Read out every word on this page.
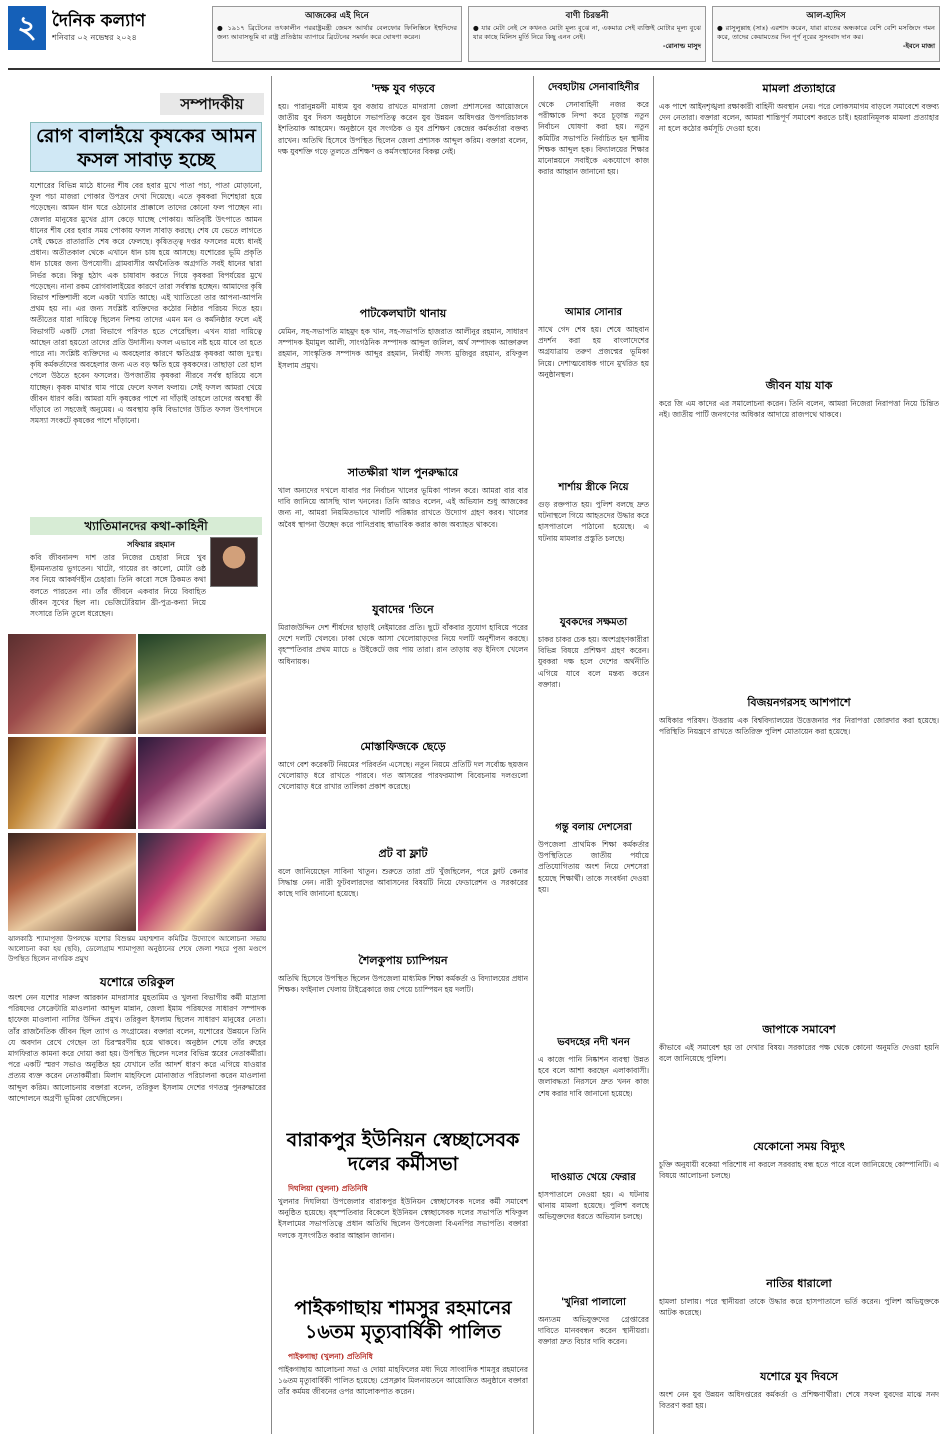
২ দৈনিক কল্যাণ
শনিবার ০২ নভেম্বর ২০২৪
আজকের এই দিনে
● ১৯১৭ ব্রিটেনের তৎকালীন পররাষ্ট্রমন্ত্রী জেমস আর্থার বেলফোর ফিলিস্তিনে ইহুদিদের জন্য আবাসভূমি বা রাষ্ট্র প্রতিষ্ঠায় ব্যাপারে ব্রিটেনের সমর্থন করে ঘোষণা করেন।
বাণী চিরন্তনী
● যার মেটা নেই সে কখনও মোটা মূল্য বুঝে না, একমাত্র সেই ব্যক্তিই মোটার মূল্য বুঝে যার কাছে মিলিস মুর্তি নিরে কিছু এনন নেই।
-রোনাল্ড মাসুদ
আল-হাদিস
● রাসুলুল্লাহ (সাঃ) এরশাদ করেন, যারা রাতের অন্ধকারে বেশি বেশি মসজিদে গমন করে, তাদের কেয়ামতের দিন পূর্ণ নূরের সুসংবাদ দান কর।
-ইবনে মাজা
সম্পাদকীয়
রোগ বালাইয়ে কৃষকের আমন ফসল সাবাড় হচ্ছে
যশোরের বিভিন্ন মাঠে ধানের শীষ বের হবার মুখে পাতা পচা, পাতা মোড়ানো, ফুল পচা মাজরা পোকার উপদ্রব দেখা দিয়েছে। এতে কৃষকরা দিশেহারা হয়ে পড়েছেন। আমন ধান ঘরে ওঠানোর প্রাক্কালে তাদের কোনো ফল পাচ্ছেন না। জেলার মানুষের মুখের গ্রাস কেড়ে ঘাচ্ছে পোকায়। অতিবৃষ্টি উৎপাতে আমন ধানের শীষ বের হবার সময় পোকায় ফসল সাবাড় করছে। শেষ যে ভেতে লাগতে সেই ক্ষেতে রাতারাতি শেষ করে ফেলছে। কৃষিতত্ত্ব দপ্তর ফসলের মধ্যে ধানই প্রধান। অতীতকাল থেকে এখানে ধান চাষ হয়ে আসছে। যশোরের ভূমি প্রকৃতি ধান চাষের জন্য উপযোগী। গ্রামবাসীর অর্থনৈতিক অগ্রগতি সবই ধানের দ্বারা নির্ভর করে। কিন্তু হঠাৎ এক চাষাবাদ করতে গিয়ে কৃষকরা বিপর্যয়ের মুখে পড়েছেন। নানা রকম রোগবালাইয়ের কারণে তারা সর্বস্বান্ত হচ্ছেন। আমাদের কৃষি বিভাগ শক্তিশালী বলে একটা খ্যাতি আছে। এই খ্যাতিতো তার আপনা-আপনি প্রথম হয় না। এর জন্য সংশ্লিষ্ট ব্যক্তিদের কঠোর নিষ্ঠার পরিচয় দিতে হয়। অতীতের যারা দায়িত্বে ছিলেন নিশ্চয় তাদের এমন মন ও কর্মনিষ্ঠার ফলে এই বিভাগটি একটি সেরা বিভাগে পরিণত হতে পেরেছিল। এখন যারা দায়িত্বে আছেন তারা হয়তো তাদের প্রতি উদাসীন। ফসল এভাবে নষ্ট হয়ে যাবে তা হতে পারে না। সংশ্লিষ্ট ব্যক্তিদের এ অবহেলার কারণে ক্ষতিগ্রস্ত কৃষকরা আজ দুঃস্থ। কৃষি কর্মকর্তাদের অবহেলার জন্য এত বড় ক্ষতি হয়ে কৃষকদের। তাছাড়া তো হাল পেলে উঠতে হবেন ফসলের। উপজাতীয় কৃষকরা নীরবে সৰ্বস্ব হারিয়ে বসে যাচ্ছেন। কৃষক মাথার ঘাম পায়ে ফেলে ফসল ফলায়। সেই ফসল আমরা খেয়ে জীবন ধারণ করি। আমরা যদি কৃষকের পাশে না দাঁড়াই তাহলে তাদের অবস্থা কী দাঁড়াবে তা সহজেই অনুমেয়। এ অবস্থায় কৃষি বিভাগের উচিত ফসল উৎপাদনে সমস্যা সংকটে কৃষকের পাশে দাঁড়ানো।
খ্যাতিমানদের কথা-কাহিনী
সফিয়ার রহমান
কবি জীবনানন্দ দাশ তার নিজের চেহারা নিয়ে খুব হীনমন্যতায় ভুগতেন। খাটো, গায়ের রং কালো, মোটা ওষ্ঠ সব নিয়ে আকর্ষণহীন চেহারা। তিনি কারো সঙ্গে ঠিকমত কথা বলতে পারতেন না। তাঁর জীবনে একবার নিয়ে বিবাহিত জীবন সুখের ছিল না। ভেজিটেরিয়ান খ্রী-পুত্র-কন্যা নিয়ে সংসারে তিনি তুলে ধরেছেন।
ঝালকাঠি শ্যামাপূজা উপলক্ষে যশোর বিশুন্তম মহাশ্মশান কমিটির উদ্যোগে আলোচনা সভায় আলোচনা করা হয় (ছবি), ডেলোগ্রাম শ্যামাপূজা অনুষ্ঠানের শেষে জেলা শহরে পুজা মণ্ডপে উপস্থিত ছিলেন নাগরিক প্রমুখ
যশোরে তরিকুল
অংশ নেন যশোর দারুল আরকান মাদরাসার মুহতামিম ও খুলনা বিভাগীয় কর্মী মাদ্রাসা পরিষদের সেক্রেটারি মাওলানা আব্দুল মান্নান, জেলা ইমাম পরিষদের সাধারণ সম্পাদক হাফেজ মাওলানা নাসির উদ্দিন প্রমুখ। তরিকুল ইসলাম ছিলেন সাধারণ মানুষের নেতা। তাঁর রাজনৈতিক জীবন ছিল ত্যাগ ও সংগ্রামের। বক্তারা বলেন, যশোরের উন্নয়নে তিনি যে অবদান রেখে গেছেন তা চিরস্মরণীয় হয়ে থাকবে। অনুষ্ঠান শেষে তাঁর রুহের মাগফিরাত কামনা করে দোয়া করা হয়। উপস্থিত ছিলেন দলের বিভিন্ন স্তরের নেতাকর্মীরা। পরে একটি স্মরণ সভাও অনুষ্ঠিত হয় যেখানে তাঁর আদর্শ ধারণ করে এগিয়ে যাওয়ার প্রত্যয় ব্যক্ত করেন নেতাকর্মীরা। মিলাদ মাহফিলে মোনাজাত পরিচালনা করেন মাওলানা আব্দুল করিম। আলোচনায় বক্তারা বলেন, তরিকুল ইসলাম দেশের গণতন্ত্র পুনরুদ্ধারের আন্দোলনে অগ্রণী ভূমিকা রেখেছিলেন।
'দক্ষ যুব গড়বে
হয়। পারানুন্নয়নী মাধ্যম যুব বজায় রাখতে মাদরাসা জেলা প্রশাসনের আয়োজনে জাতীয় যুব দিবস অনুষ্ঠানে সভাপতিত্ব করেন যুব উন্নয়ন অধিদপ্তর উপপরিচালক ইশতিয়াক আহমেদ। অনুষ্ঠানে যুব সংগঠক ও যুব প্রশিক্ষণ কেন্দ্রের কর্মকর্তারা বক্তব্য রাখেন। অতিথি হিসেবে উপস্থিত ছিলেন জেলা প্রশাসক আব্দুল করিম। বক্তারা বলেন, দক্ষ যুবশক্তি গড়ে তুলতে প্রশিক্ষণ ও কর্মসংস্থানের বিকল্প নেই।
পাটকেলঘাটা থানায়
মেমিন, সহ-সভাপতি মাহমুদ হক খান, সহ-সভাপতি হাজরাত আলীনুর রহমান, সাধারণ সম্পাদক ইমামুল আলী, সাংগঠনিক সম্পাদক আব্দুল জলিল, অর্থ সম্পাদক আক্তারুল রহমান, সাংস্কৃতিক সম্পাদক আব্দুর রহমান, নির্বাহী সদস্য মুজিবুর রহমান, রফিকুল ইসলাম প্রমুখ।
সাতক্ষীরা খাল পুনরুদ্ধারে
খাল অন্যদের দখলে যাবার পর নির্বাচন খালের ভূমিকা পালন করে। আমরা বার বার দাবি জানিয়ে আসছি খাল খননের। তিনি আরও বলেন, এই অভিযান শুধু আজকের জন্য না, আমরা নিয়মিতভাবে খালটি পরিষ্কার রাখতে উদ্যোগ গ্রহণ করব। খালের অবৈধ স্থাপনা উচ্ছেদ করে পানিপ্রবাহ স্বাভাবিক করার কাজ অব্যাহত থাকবে।
যুবাদের 'তিনে
মিরাজউদ্দিন দেশ শীর্ষদের ছাড়াই নেইমারের প্রতি। ছুটে বাঁকবার সুযোগ হাবিয়ে পরের দেশে দলটি খেলবে। ঢাকা থেকে আসা খেলোয়াড়দের নিয়ে দলটি অনুশীলন করছে। বৃহস্পতিবার প্রথম ম্যাচে ৪ উইকেটে জয় পায় তারা। রান তাড়ায় বড় ইনিংস খেলেন অধিনায়ক।
মোস্তাফিজকে ছেড়ে
আগে বেশ করেকটি নিয়মের পরিবর্তন এসেছে। নতুন নিয়মে প্রতিটি দল সর্বোচ্চ ছয়জন খেলোয়াড় ধরে রাখতে পারবে। গত আসরের পারফরম্যান্স বিবেচনায় দলগুলো খেলোয়াড় ধরে রাখার তালিকা প্রকাশ করেছে।
প্রট বা ফ্লাট
বলে জানিয়েছেন সাবিনা খাতুন। শুরুতে তারা প্রট খুঁজছিলেন, পরে ফ্লাট কেনার সিদ্ধান্ত নেন। নারী ফুটবলারদের আবাসনের বিষয়টি নিয়ে ফেডারেশন ও সরকারের কাছে দাবি জানানো হয়েছে।
শৈলকুপায় চ্যাম্পিয়ন
অতিথি হিসেবে উপস্থিত ছিলেন উপজেলা মাধ্যমিক শিক্ষা কর্মকর্তা ও বিদ্যালয়ের প্রধান শিক্ষক। ফাইনাল খেলায় টাইব্রেকারে জয় পেয়ে চ্যাম্পিয়ন হয় দলটি।
বারাকপুর ইউনিয়ন স্বেচ্ছাসেবক দলের কর্মীসভা
দিঘলিয়া (খুলনা) প্রতিনিধি
খুলনার দিঘলিয়া উপজেলার বারাকপুর ইউনিয়ন স্বেচ্ছাসেবক দলের কর্মী সমাবেশ অনুষ্ঠিত হয়েছে। বৃহস্পতিবার বিকেলে ইউনিয়ন স্বেচ্ছাসেবক দলের সভাপতি শফিকুল ইসলামের সভাপতিত্বে প্রধান অতিথি ছিলেন উপজেলা বিএনপির সভাপতি। বক্তারা দলকে সুসংগঠিত করার আহ্বান জানান।
পাইকগাছায় শামসুর রহমানের ১৬তম মৃত্যুবার্ষিকী পালিত
পাইকগাছা (খুলনা) প্রতিনিধি
পাইকগাছায় আলোচনা সভা ও দোয়া মাহফিলের মধ্য দিয়ে সাংবাদিক শামসুর রহমানের ১৬তম মৃত্যুবার্ষিকী পালিত হয়েছে। প্রেসক্লাব মিলনায়তনে আয়োজিত অনুষ্ঠানে বক্তারা তাঁর কর্মময় জীবনের ওপর আলোকপাত করেন।
দেবহাটায় সেনাবাহিনীর
থেকে সেনাবাহিনী নজর করে পরীক্ষাকে নিন্দা করে চূড়ান্ত নতুন নির্বাচন ঘোষণা করা হয়। নতুন কমিটির সভাপতি নির্বাচিত হন স্থানীয় শিক্ষক আব্দুল হক। বিদ্যালয়ের শিক্ষার মানোন্নয়নে সবাইকে একযোগে কাজ করার আহ্বান জানানো হয়।
আমার সোনার
সাথে গেদ শেষ হয়। শেষে আহবান প্রদর্শন করা হয় বাংলাদেশের অগ্রযাত্রায় তরুণ প্রজন্মের ভূমিকা নিয়ে। দেশাত্মবোধক গানে মুখরিত হয় অনুষ্ঠানস্থল।
শার্শায় স্ত্রীকে নিয়ে
গুড় রক্তপাত হয়। পুলিশ বলছে দ্রুত ঘটনাস্থলে গিয়ে আহতদের উদ্ধার করে হাসপাতালে পাঠানো হয়েছে। এ ঘটনায় মামলার প্রস্তুতি চলছে।
যুবকদের সক্ষমতা
চাকর চাকর চেক হয়। অংশগ্রহণকারীরা বিভিন্ন বিষয়ে প্রশিক্ষণ গ্রহণ করেন। যুবকরা দক্ষ হলে দেশের অর্থনীতি এগিয়ে যাবে বলে মন্তব্য করেন বক্তারা।
গন্তু বলায় দেশসেরা
উপজেলা প্রাথমিক শিক্ষা কর্মকর্তার উপস্থিতিতে জাতীয় পর্যায়ে প্রতিযোগিতায় অংশ নিয়ে দেশসেরা হয়েছে শিক্ষার্থী। তাকে সংবর্ধনা দেওয়া হয়।
ভবদহের নদী খনন
এ কাজে পানি নিষ্কাশন ব্যবস্থা উন্নত হবে বলে আশা করছেন এলাকাবাসী। জলাবদ্ধতা নিরসনে দ্রুত খনন কাজ শেষ করার দাবি জানানো হয়েছে।
দাওয়াত খেয়ে ফেরার
হাসপাতালে নেওয়া হয়। এ ঘটনায় থানায় মামলা হয়েছে। পুলিশ বলছে অভিযুক্তদের ধরতে অভিযান চলছে।
'খুনিরা পালালো
অন্যতম অভিযুক্তদের গ্রেপ্তারের দাবিতে মানববন্ধন করেন স্থানীয়রা। বক্তারা দ্রুত বিচার দাবি করেন।
মামলা প্রত্যাহারে
এক পাশে আইনশৃঙ্খলা রক্ষাকারী বাহিনী অবস্থান নেয়। পরে লোকসমাগম বাড়লে সমাবেশে বক্তব্য দেন নেতারা। বক্তারা বলেন, আমরা শান্তিপূর্ণ সমাবেশ করতে চাই। হয়রানিমূলক মামলা প্রত্যাহার না হলে কঠোর কর্মসূচি দেওয়া হবে।
জীবন যায় যাক
করে জি এম কাদের এর সমালোচনা করেন। তিনি বলেন, আমরা নিজেরা নিরাপত্তা নিয়ে চিন্তিত নই। জাতীয় পার্টি জনগণের অধিকার আদায়ে রাজপথে থাকবে।
বিজয়নগরসহ আশপাশে
অধিকার পরিষদ। উত্তরায় এক বিশ্ববিদ্যালয়ের উত্তেজনার পর নিরাপত্তা জোরদার করা হয়েছে। পরিস্থিতি নিয়ন্ত্রণে রাখতে অতিরিক্ত পুলিশ মোতায়েন করা হয়েছে।
জাপাকে সমাবেশ
কীভাবে এই সমাবেশ হয় তা দেখার বিষয়। সরকারের পক্ষ থেকে কোনো অনুমতি দেওয়া হয়নি বলে জানিয়েছে পুলিশ।
যেকোনো সময় বিদ্যুৎ
চুক্তি অনুযায়ী বকেয়া পরিশোধ না করলে সরবরাহ বন্ধ হতে পারে বলে জানিয়েছে কোম্পানিটি। এ বিষয়ে আলোচনা চলছে।
নাতির ধারালো
হামলা চালায়। পরে স্থানীয়রা তাকে উদ্ধার করে হাসপাতালে ভর্তি করেন। পুলিশ অভিযুক্তকে আটক করেছে।
যশোরে যুব দিবসে
অংশ নেন যুব উন্নয়ন অধিদপ্তরের কর্মকর্তা ও প্রশিক্ষণার্থীরা। শেষে সফল যুবদের মাঝে সনদ বিতরণ করা হয়।
